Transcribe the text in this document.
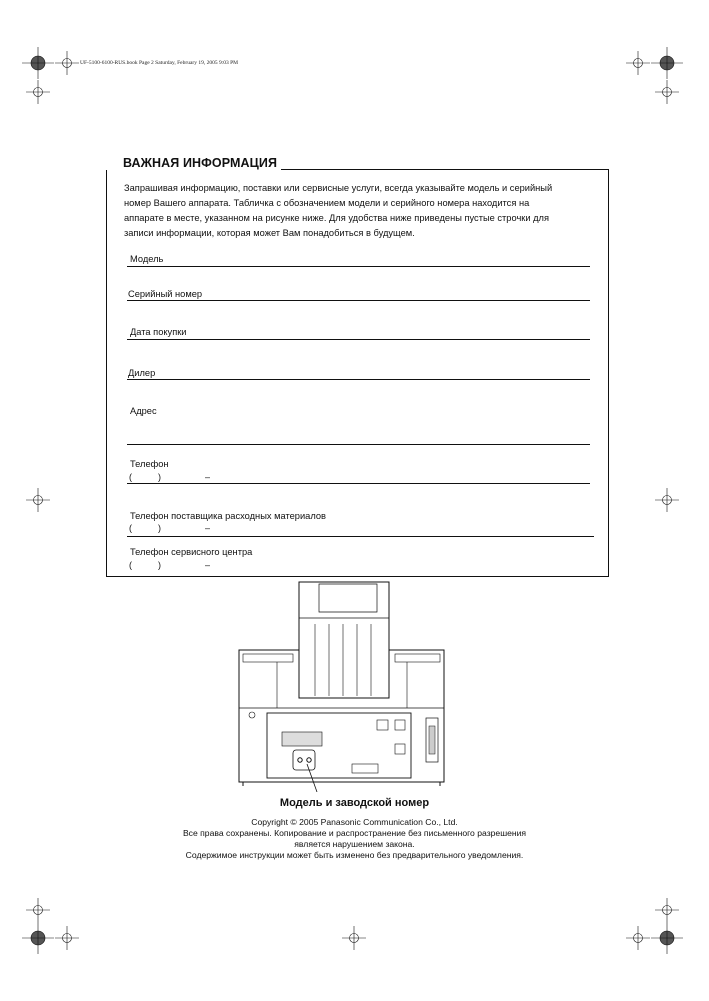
UF-5100-6100-RUS.book Page 2 Saturday, February 19, 2005 9:03 PM
ВАЖНАЯ ИНФОРМАЦИЯ
Запрашивая информацию, поставки или сервисные услуги, всегда указывайте модель и серийный
номер Вашего аппарата. Табличка с обозначением модели и серийного номера находится на
аппарате в месте, указанном на рисунке ниже. Для удобства ниже приведены пустые строчки для
записи информации, которая может Вам понадобиться в будущем.
Модель
Серийный номер
Дата покупки
Дилер
Адрес
Телефон
(	)	–
Телефон поставщика расходных материалов
(	)	–
Телефон сервисного центра
(	)	–
Модель и заводской номер
Copyright © 2005 Panasonic Communication Co., Ltd.
Все права сохранены. Копирование и распространение без письменного разрешения
является нарушением закона.
Содержимое инструкции может быть изменено без предварительного уведомления.
